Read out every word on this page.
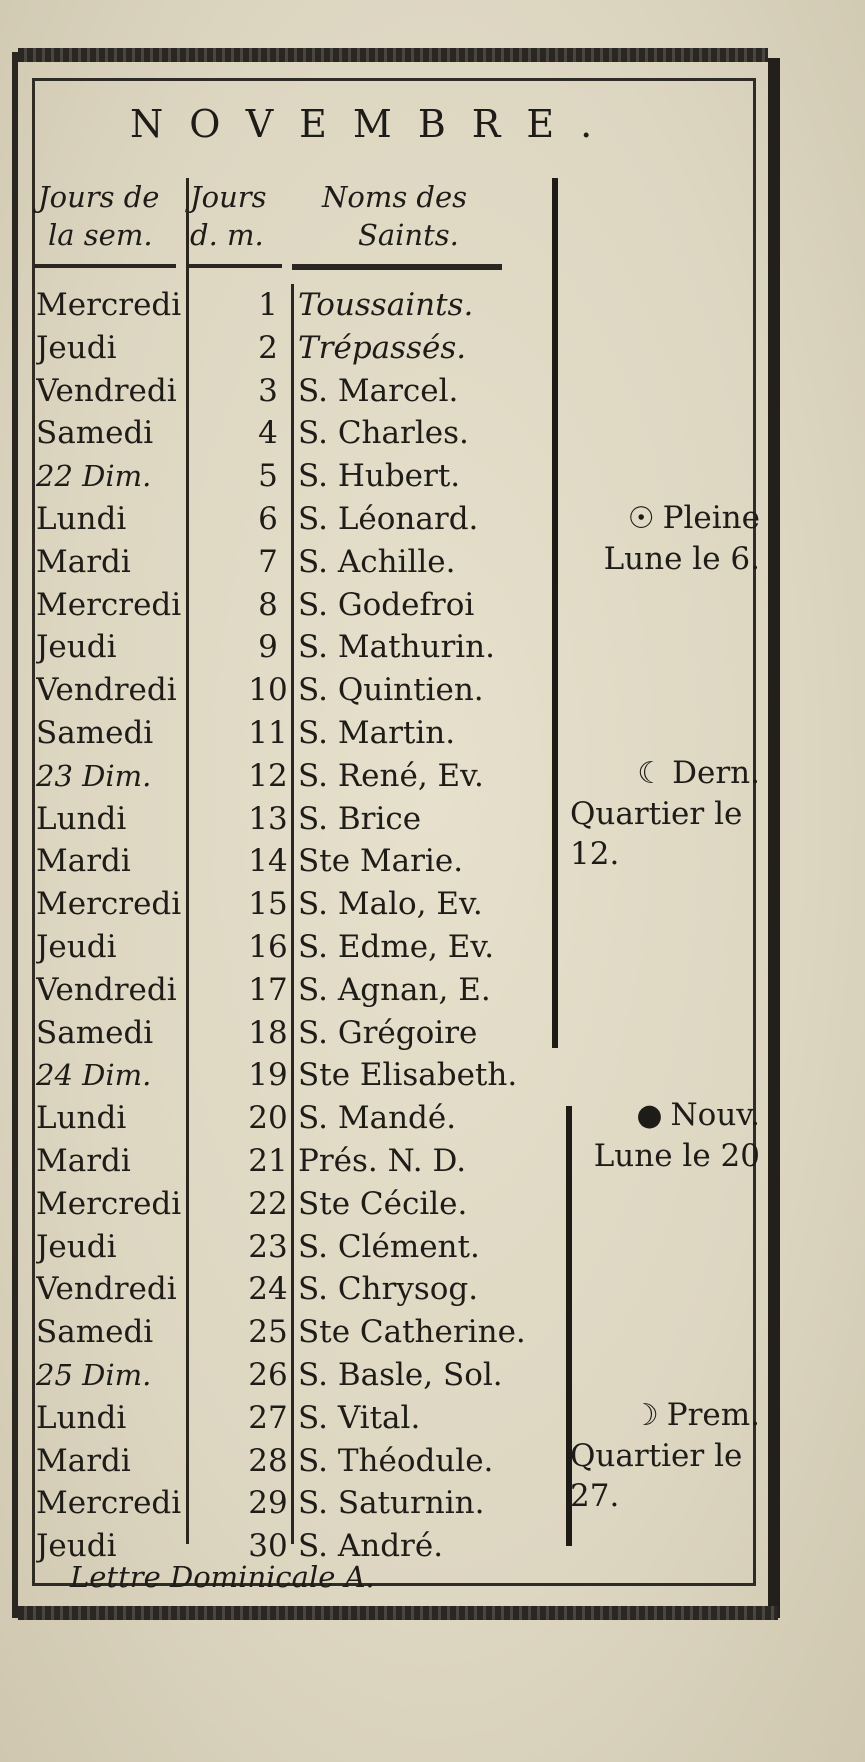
NOVEMBRE.
Jours de
la sem.
Jours
d. m.
Noms des
Saints.
Mercredi	1 Toussaints.
Jeudi	2 Trépassés.
Vendredi	3 S. Marcel.
Samedi	4 S. Charles.
22 Dim.	5 S. Hubert.
Lundi	6 S. Léonard.
Mardi	7 S. Achille.
Mercredi	8 S. Godefroi
Jeudi	9 S. Mathurin.
Vendredi	10 S. Quintien.
Samedi	11 S. Martin.
23 Dim.	12 S. René, Ev.
Lundi	13 S. Brice
Mardi	14 Ste Marie.
Mercredi	15 S. Malo, Ev.
Jeudi	16 S. Edme, Ev.
Vendredi	17 S. Agnan, E.
Samedi	18 S. Grégoire
24 Dim.	19 Ste Elisabeth.
Lundi	20 S. Mandé.
Mardi	21 Prés. N. D.
Mercredi	22 Ste Cécile.
Jeudi	23 S. Clément.
Vendredi	24 S. Chrysog.
Samedi	25 Ste Catherine.
25 Dim.	26 S. Basle, Sol.
Lundi	27 S. Vital.
Mardi	28 S. Théodule.
Mercredi	29 S. Saturnin.
Jeudi	30 S. André.
☉ Pleine
Lune le 6.
☾ Dern.
Quartier le
12.
● Nouv.
Lune le 20
☽ Prem.
Quartier le
27.
Lettre Dominicale A.
